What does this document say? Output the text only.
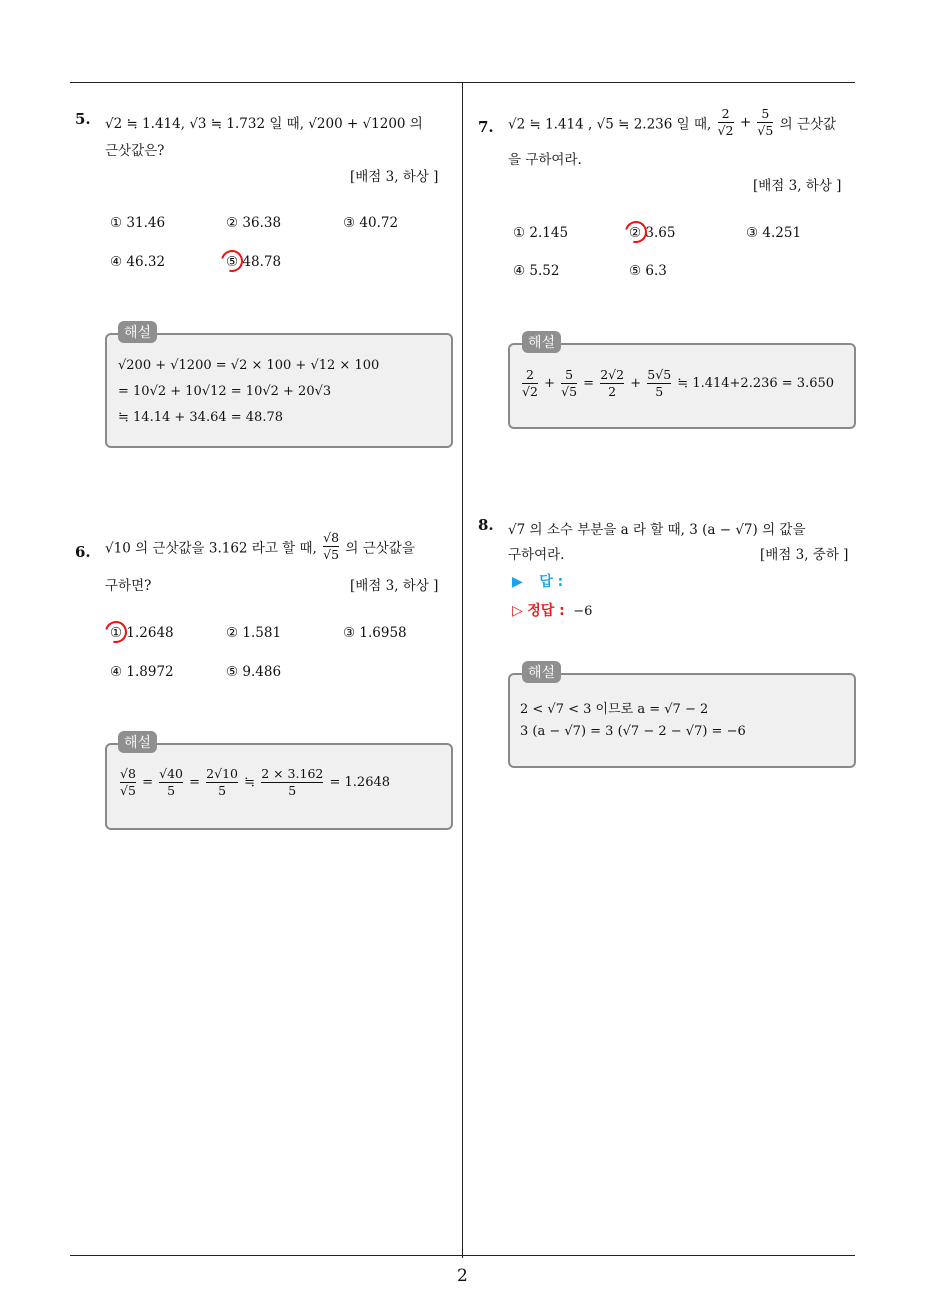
5. √2 ≒ 1.414, √3 ≒ 1.732 일 때, √200 + √1200 의
근삿값은?
[배점 3, 하상 ]
① 31.46	② 36.38	③ 40.72
④ 46.32	⑤ 48.78
해설
√200 + √1200 = √2 × 100 + √12 × 100
= 10√2 + 10√12 = 10√2 + 20√3
≒ 14.14 + 34.64 = 48.78
6. √10 의 근삿값을 3.162 라고 할 때, $\frac{√8}{√5}$ 의 근삿값을
구하면?	[배점 3, 하상 ]
① 1.2648	② 1.581	③ 1.6958
④ 1.8972	⑤ 9.486
해설
$\frac{√8}{√5} = \frac{√40}{5} = \frac{2√10}{5}$ ≒ $\frac{2 \times 3.162}{5} = 1.2648$
7. √2 ≒ 1.414 , √5 ≒ 2.236 일 때, $\frac{2}{√2} + \frac{5}{√5}$ 의 근삿값
을 구하여라.
[배점 3, 하상 ]
① 2.145	② 3.65	③ 4.251
④ 5.52	⑤ 6.3
해설
$\frac{2}{√2} + \frac{5}{√5} = \frac{2√2}{2} + \frac{5√5}{5}$ ≒ 1.414+2.236 = 3.650
8. √7 의 소수 부분을 a 라 할 때, 3 (a − √7) 의 값을
구하여라.	[배점 3, 중하 ]
▶ 답 :
▷ 정답 : −6
해설
2 < √7 < 3 이므로 a = √7 − 2
3 (a − √7) = 3 (√7 − 2 − √7) = −6
2
